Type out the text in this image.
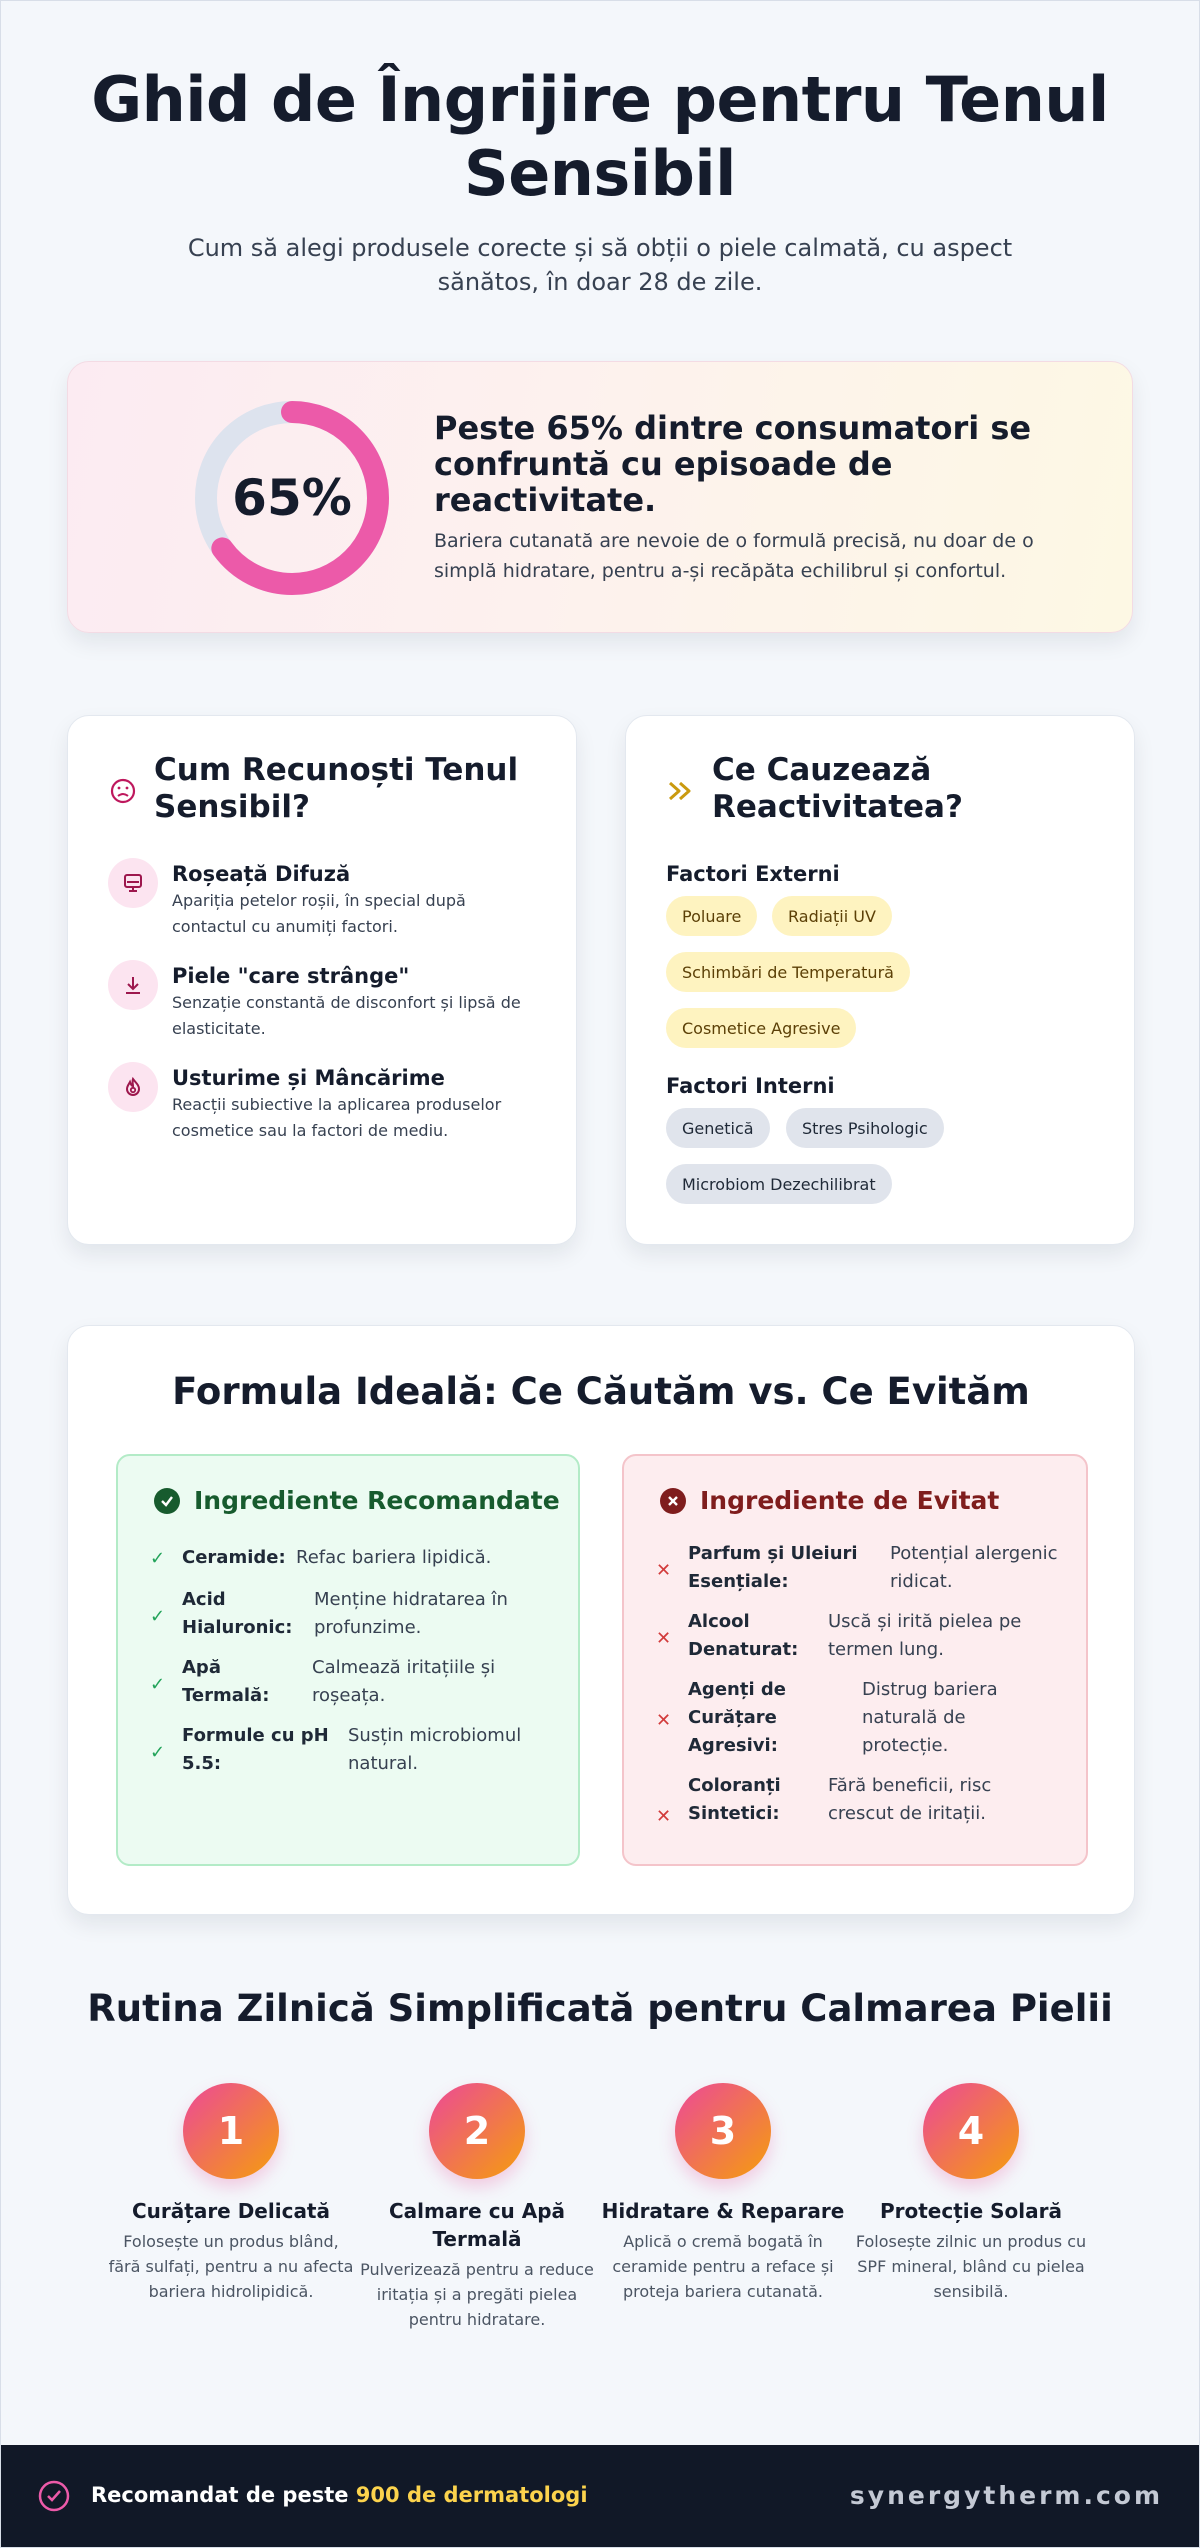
Ghid de Îngrijire pentru Tenul Sensibil

Cum să alegi produsele corecte și să obții o piele calmată, cu aspect sănătos, în doar 28 de zile.

65%
Peste 65% dintre consumatori se confruntă cu episoade de reactivitate.
Bariera cutanată are nevoie de o formulă precisă, nu doar de o simplă hidratare, pentru a-și recăpăta echilibrul și confortul.
Cum Recunoști Tenul Sensibil?
Roșeață Difuză
Apariția petelor roșii, în special după contactul cu anumiți factori.
Piele "care strânge"
Senzație constantă de disconfort și lipsă de elasticitate.
Usturime și Mâncărime
Reacții subiective la aplicarea produselor cosmetice sau la factori de mediu.
Ce Cauzează Reactivitatea?
Factori Externi
Poluare	Radiații UV
Schimbări de Temperatură
Cosmetice Agresive
Factori Interni
Genetică	Stres Psihologic
Microbiom Dezechilibrat
Formula Ideală: Ce Căutăm vs. Ce Evităm
Ingrediente Recomandate
✓ Ceramide: Refac bariera lipidică.
✓
Acid Hialuronic:
Menține hidratarea în profunzime.
✓
Apă Termală:
Calmează iritațiile și roșeața.
✓
Formule cu pH 5.5:
Susțin microbiomul natural.
Ingrediente de Evitat
✕
Parfum și Uleiuri Esențiale:
Potențial alergenic ridicat.
✕
Alcool Denaturat:
Uscă și irită pielea pe termen lung.
✕
Agenți de Curățare Agresivi:
Distrug bariera naturală de protecție.
✕
Coloranți Sintetici:
Fără beneficii, risc crescut de iritații.
Rutina Zilnică Simplificată pentru Calmarea Pielii
1
Curățare Delicată
Folosește un produs blând, fără sulfați, pentru a nu afecta bariera hidrolipidică.
2
Calmare cu Apă Termală
Pulverizează pentru a reduce iritația și a pregăti pielea pentru hidratare.
3
Hidratare & Reparare
Aplică o cremă bogată în ceramide pentru a reface și proteja bariera cutanată.
4
Protecție Solară
Folosește zilnic un produs cu SPF mineral, blând cu pielea sensibilă.
Recomandat de peste 900 de dermatologi	synergytherm.com
